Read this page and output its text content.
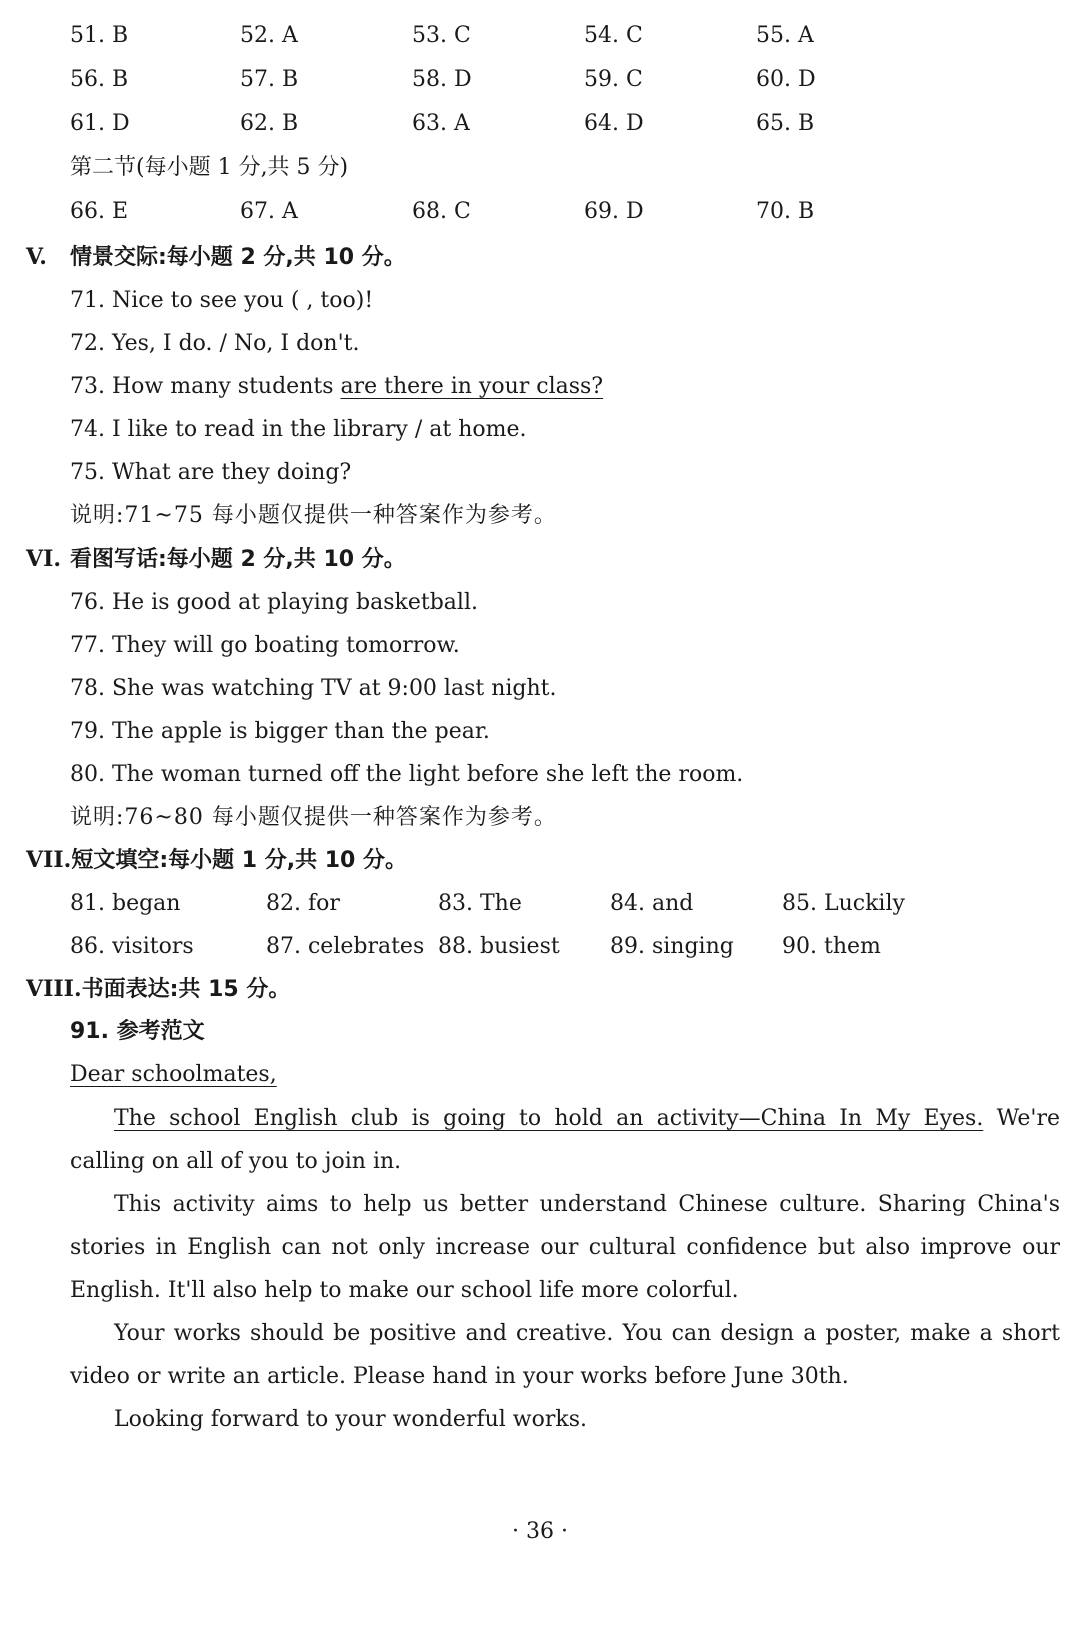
51. B	52. A	53. C	54. C	55. A
56. B	57. B	58. D	59. C	60. D
61. D	62. B	63. A	64. D	65. B
第二节(每小题 1 分,共 5 分)
66. E	67. A	68. C	69. D	70. B
V. 情景交际:每小题 2 分,共 10 分。
71. Nice to see you ( , too)!
72. Yes, I do. / No, I don't.
73. How many students are there in your class?
74. I like to read in the library / at home.
75. What are they doing?
说明:71~75 每小题仅提供一种答案作为参考。
VI. 看图写话:每小题 2 分,共 10 分。
76. He is good at playing basketball.
77. They will go boating tomorrow.
78. She was watching TV at 9:00 last night.
79. The apple is bigger than the pear.
80. The woman turned off the light before she left the room.
说明:76~80 每小题仅提供一种答案作为参考。
VII.短文填空:每小题 1 分,共 10 分。
81. began	82. for	83. The	84. and	85. Luckily
86. visitors	87. celebrates 88. busiest 89. singing 90. them
VIII.书面表达:共 15 分。
91. 参考范文
Dear schoolmates,

The school English club is going to hold an activity—China In My Eyes. We're calling on all of you to join in.

This activity aims to help us better understand Chinese culture. Sharing China's stories in English can not only increase our cultural confidence but also improve our English. It'll also help to make our school life more colorful.

Your works should be positive and creative. You can design a poster, make a short video or write an article. Please hand in your works before June 30th.

Looking forward to your wonderful works.

· 36 ·
